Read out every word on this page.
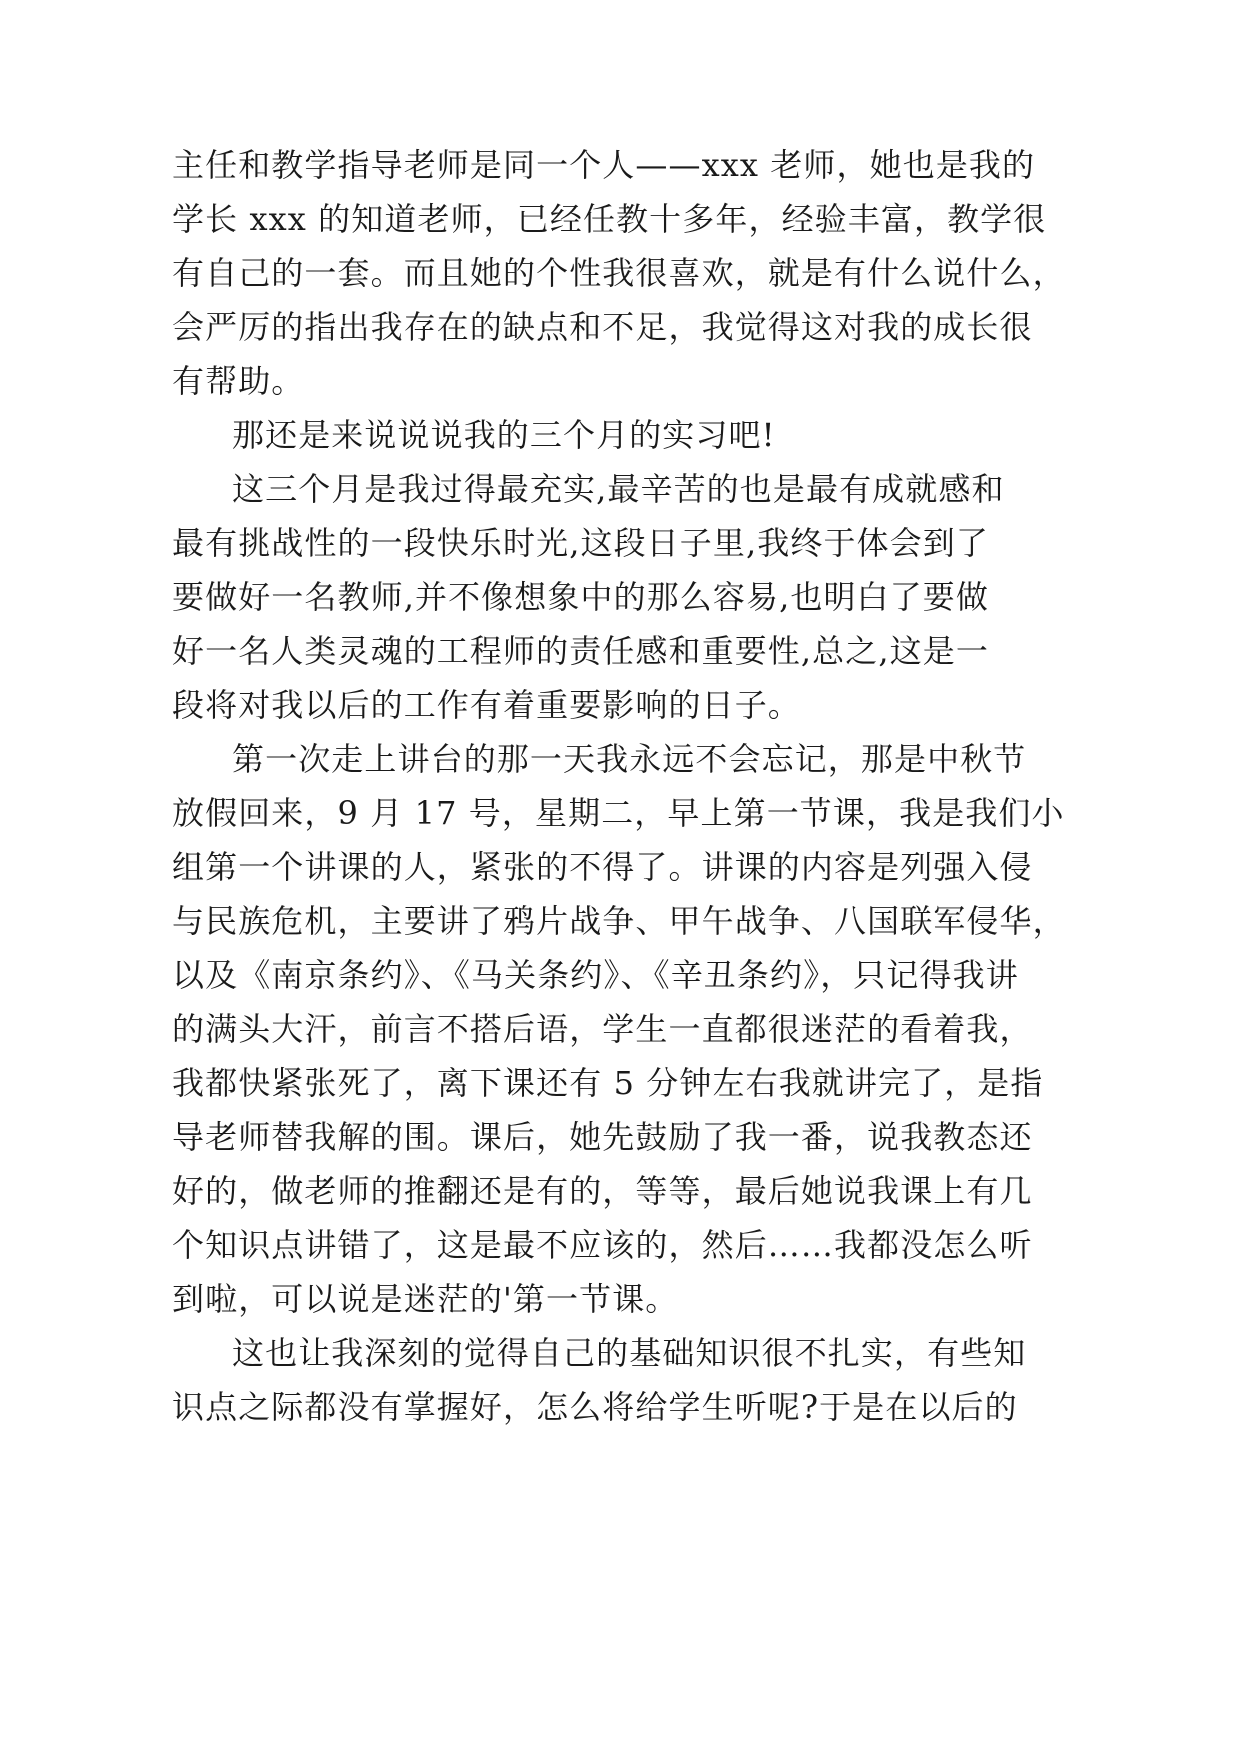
主任和教学指导老师是同一个人——xxx 老师，她也是我的
学长 xxx 的知道老师，已经任教十多年，经验丰富，教学很
有自己的一套。而且她的个性我很喜欢，就是有什么说什么，
会严厉的指出我存在的缺点和不足，我觉得这对我的成长很
有帮助。
那还是来说说说我的三个月的实习吧!
这三个月是我过得最充实,最辛苦的也是最有成就感和
最有挑战性的一段快乐时光,这段日子里,我终于体会到了
要做好一名教师,并不像想象中的那么容易,也明白了要做
好一名人类灵魂的工程师的责任感和重要性,总之,这是一
段将对我以后的工作有着重要影响的日子。
第一次走上讲台的那一天我永远不会忘记，那是中秋节
放假回来，9 月 17 号，星期二，早上第一节课，我是我们小
组第一个讲课的人，紧张的不得了。讲课的内容是列强入侵
与民族危机，主要讲了鸦片战争、甲午战争、八国联军侵华，
以及《南京条约》、《马关条约》、《辛丑条约》，只记得我讲
的满头大汗，前言不搭后语，学生一直都很迷茫的看着我，
我都快紧张死了，离下课还有 5 分钟左右我就讲完了，是指
导老师替我解的围。课后，她先鼓励了我一番，说我教态还
好的，做老师的推翻还是有的，等等，最后她说我课上有几
个知识点讲错了，这是最不应该的，然后……我都没怎么听
到啦，可以说是迷茫的'第一节课。
这也让我深刻的觉得自己的基础知识很不扎实，有些知
识点之际都没有掌握好，怎么将给学生听呢?于是在以后的
